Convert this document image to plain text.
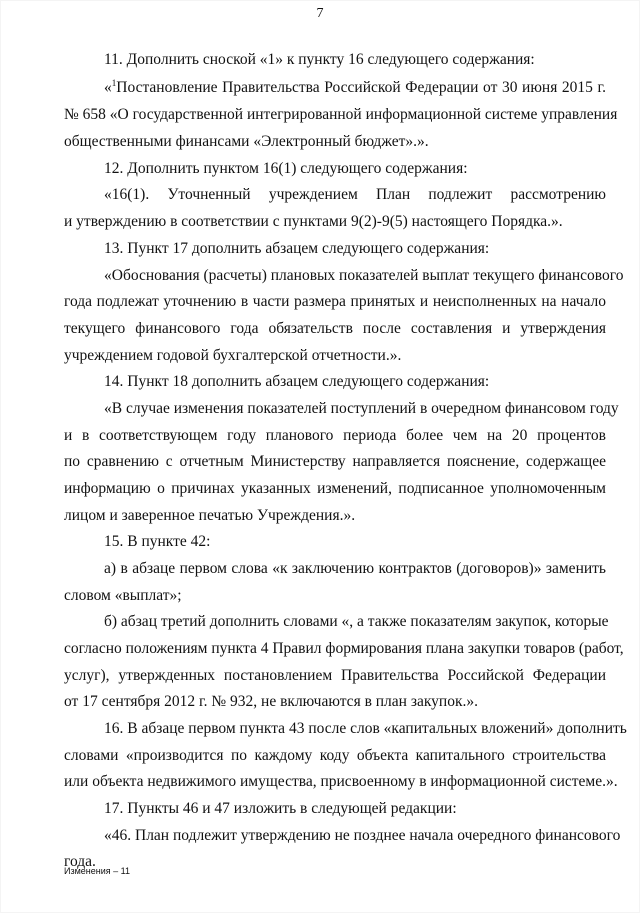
7
11. Дополнить сноской «1» к пункту 16 следующего содержания:
«$^1$Постановление Правительства Российской Федерации от 30 июня 2015 г.
№ 658 «О государственной интегрированной информационной системе управления
общественными финансами «Электронный бюджет».».
12. Дополнить пунктом 16(1) следующего содержания:
«16(1). Уточненный учреждением План подлежит рассмотрению
и утверждению в соответствии с пунктами 9(2)-9(5) настоящего Порядка.».
13. Пункт 17 дополнить абзацем следующего содержания:
«Обоснования (расчеты) плановых показателей выплат текущего финансового
года подлежат уточнению в части размера принятых и неисполненных на начало
текущего финансового года обязательств после составления и утверждения
учреждением годовой бухгалтерской отчетности.».
14. Пункт 18 дополнить абзацем следующего содержания:
«В случае изменения показателей поступлений в очередном финансовом году
и в соответствующем году планового периода более чем на 20 процентов
по сравнению с отчетным Министерству направляется пояснение, содержащее
информацию о причинах указанных изменений, подписанное уполномоченным
лицом и заверенное печатью Учреждения.».
15. В пункте 42:
а) в абзаце первом слова «к заключению контрактов (договоров)» заменить
словом «выплат»;
б) абзац третий дополнить словами «, а также показателям закупок, которые
согласно положениям пункта 4 Правил формирования плана закупки товаров (работ,
услуг), утвержденных постановлением Правительства Российской Федерации
от 17 сентября 2012 г. № 932, не включаются в план закупок.».
16. В абзаце первом пункта 43 после слов «капитальных вложений» дополнить
словами «производится по каждому коду объекта капитального строительства
или объекта недвижимого имущества, присвоенному в информационной системе.».
17. Пункты 46 и 47 изложить в следующей редакции:
«46. План подлежит утверждению не позднее начала очередного финансового
года.
Изменения – 11
